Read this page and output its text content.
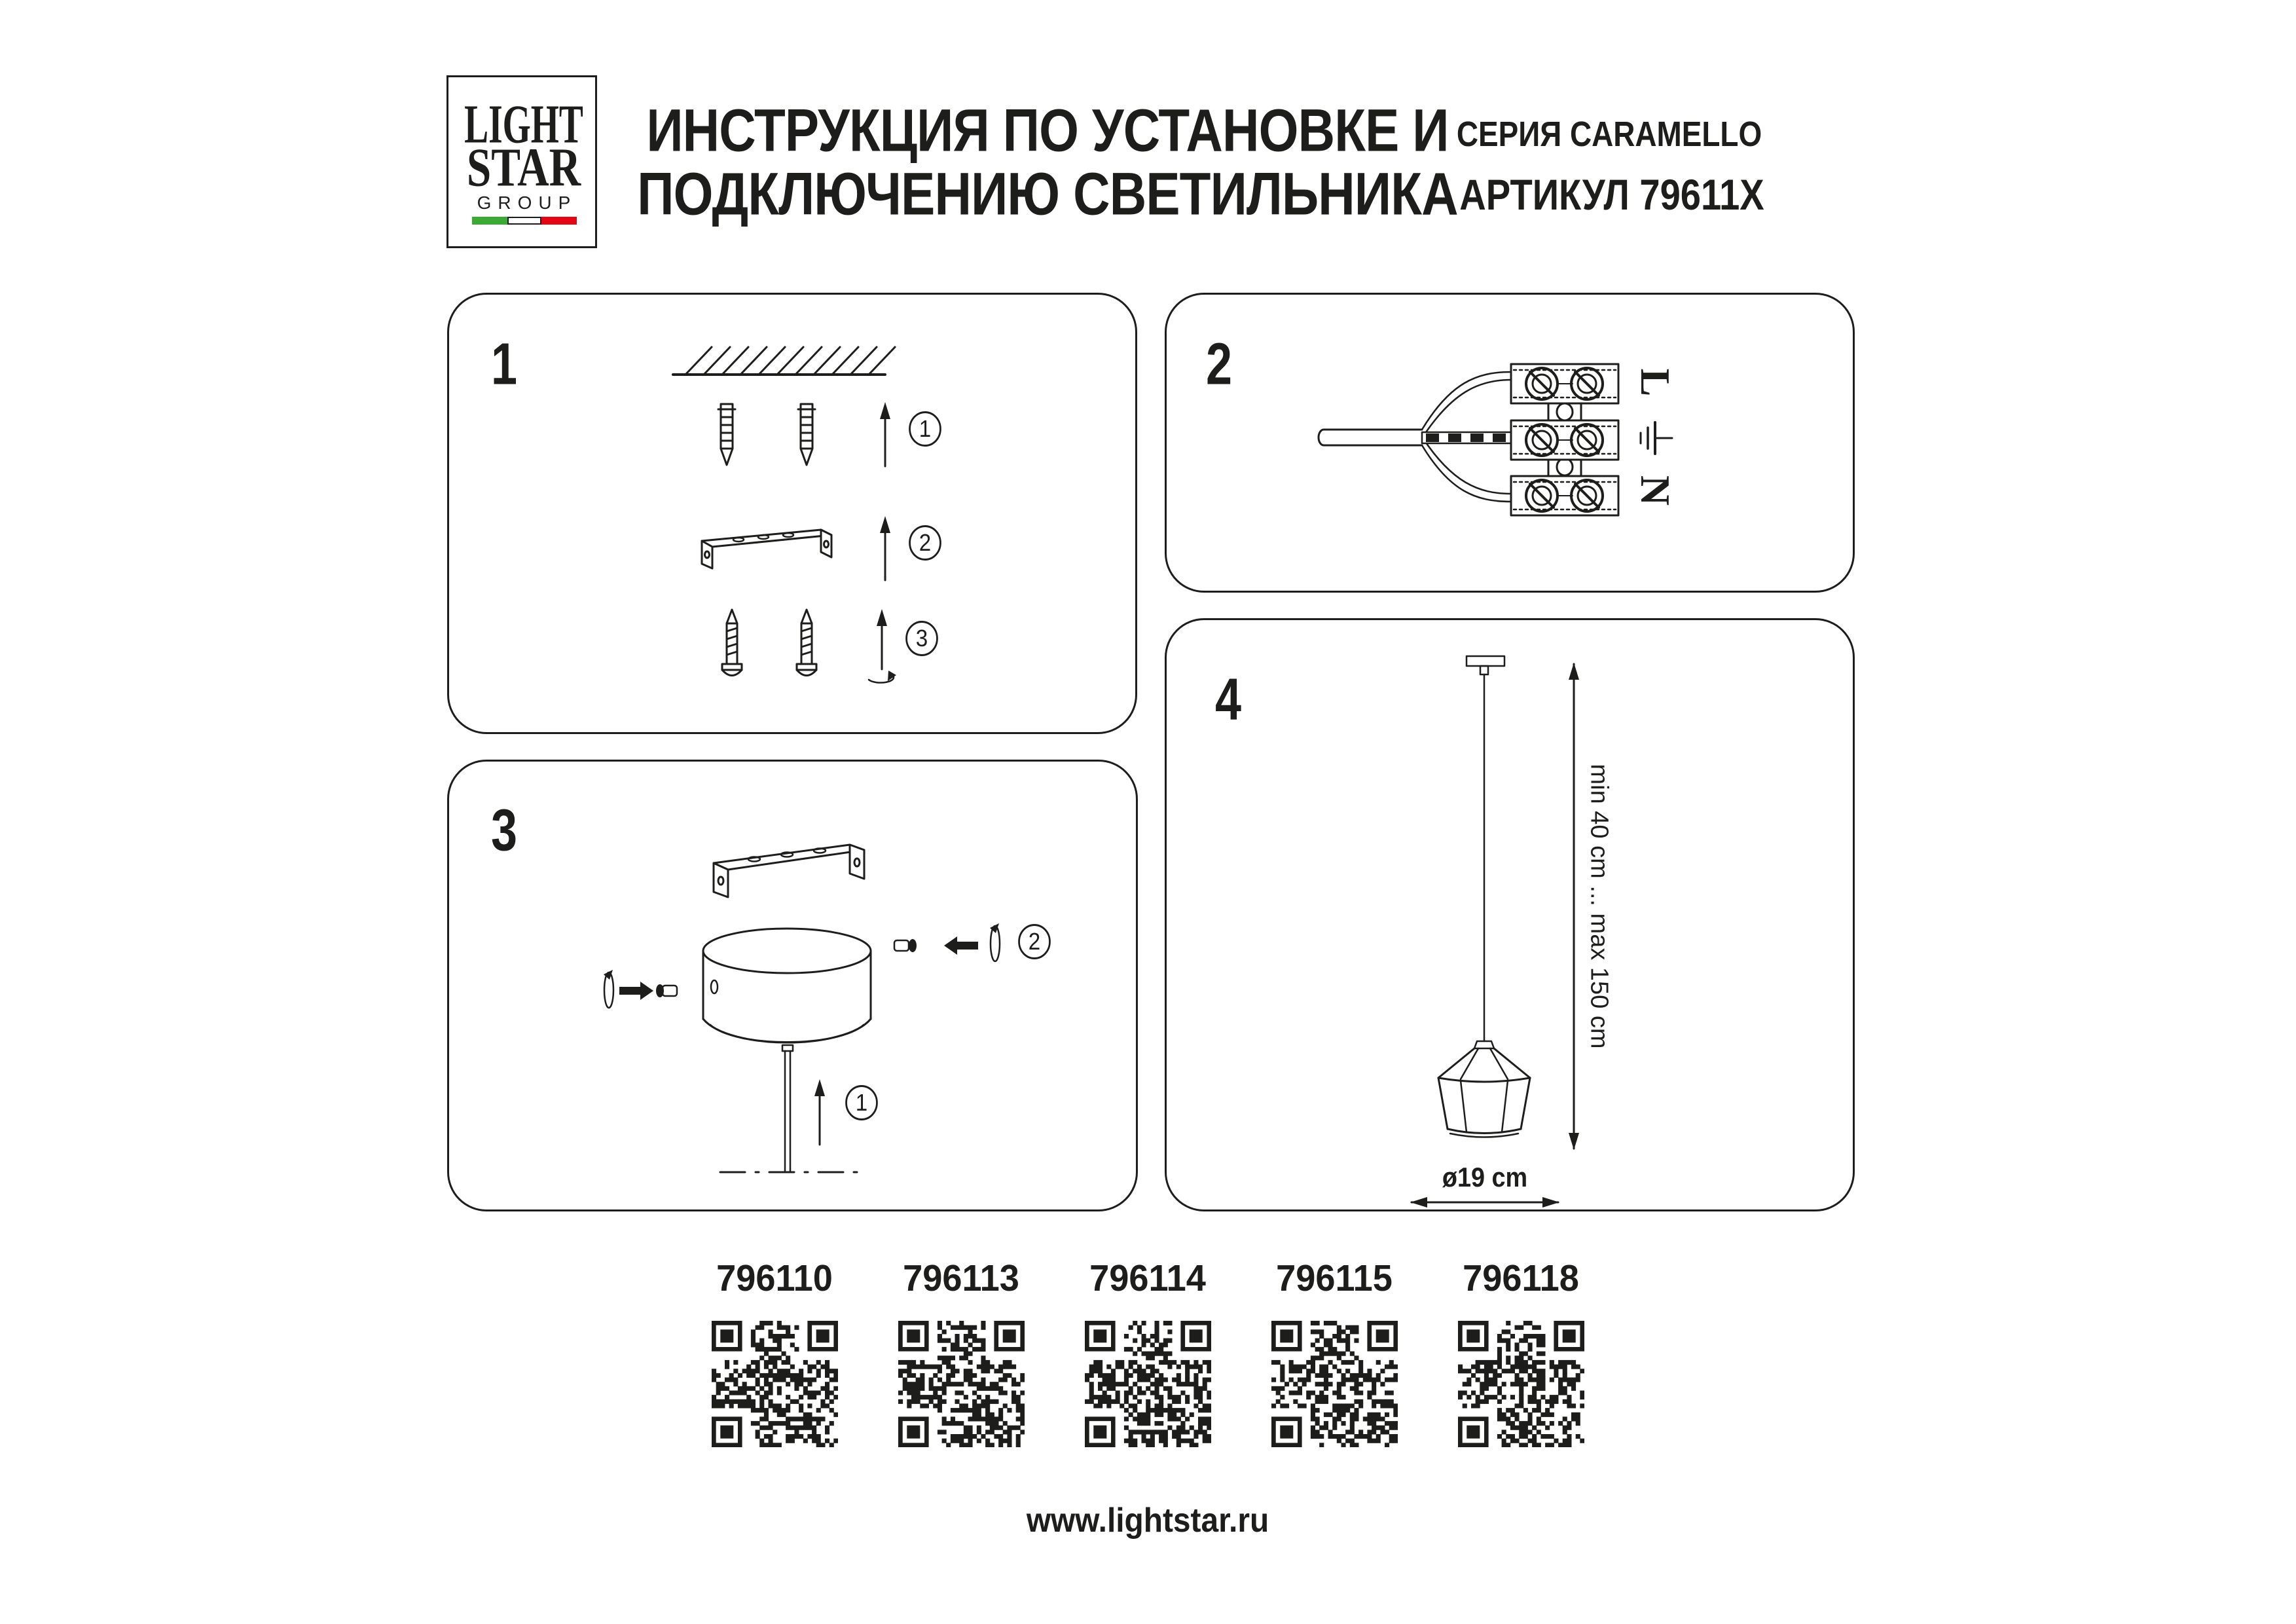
LIGHT
STAR
GROUP
ИНСТРУКЦИЯ ПО УСТАНОВКЕ И
ПОДКЛЮЧЕНИЮ СВЕТИЛЬНИКА
СЕРИЯ CARAMELLO
АРТИКУЛ 79611X
1	2
3
4
1
2
3
2
1
L
N
min 40 cm ... max 150 cm
ø19 cm
796110 796113 796114 796115 796118
www.lightstar.ru
